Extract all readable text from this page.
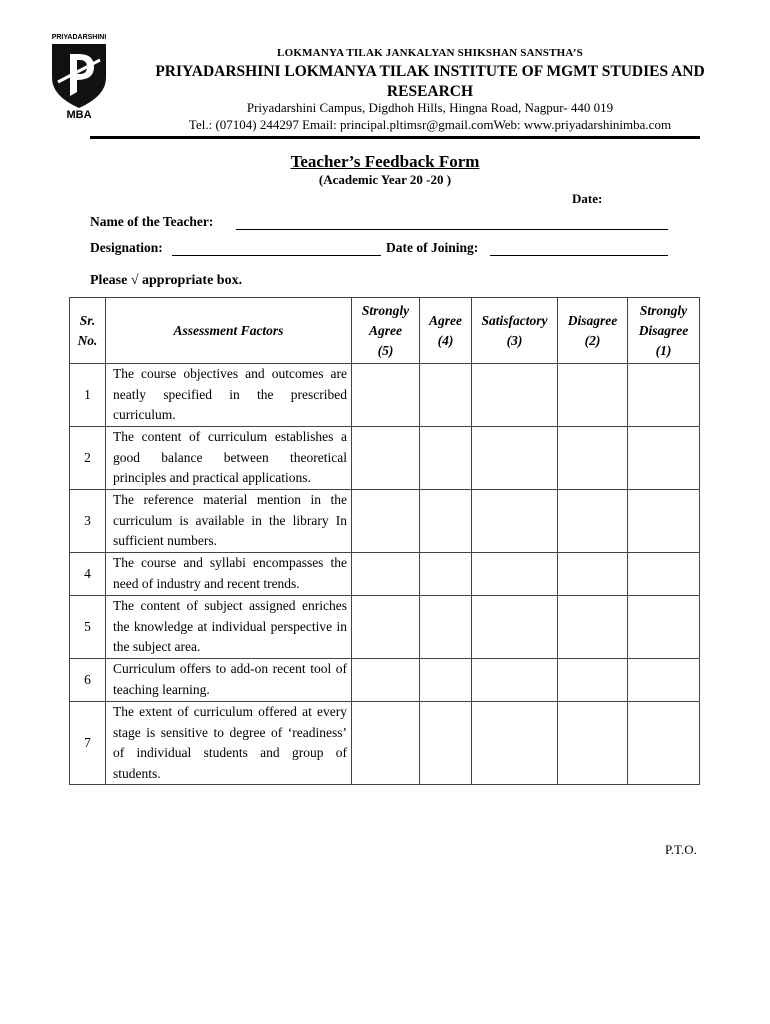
PRIYADARSHINI
MBA
LOKMANYA TILAK JANKALYAN SHIKSHAN SANSTHA’S
PRIYADARSHINI LOKMANYA TILAK INSTITUTE OF MGMT STUDIES AND RESEARCH
Priyadarshini Campus, Digdhoh Hills, Hingna Road, Nagpur- 440 019
Tel.: (07104) 244297 Email: principal.pltimsr@gmail.comWeb: www.priyadarshinimba.com
Teacher’s Feedback Form
(Academic Year 20 -20 )
Date:
Name of the Teacher:
Designation:	Date of Joining:
Please √ appropriate box.
Sr.
No.	Assessment Factors	Strongly
Agree
(5)	Agree
(4)	Satisfactory
(3)	Disagree
(2)	Strongly
Disagree
(1)
1	The course objectives and outcomes are neatly specified in the prescribed curriculum.					
2	The content of curriculum establishes a good balance between theoretical principles and practical applications.					
3	The reference material mention in the curriculum is available in the library In sufficient numbers.					
4	The course and syllabi encompasses the need of industry and recent trends.					
5	The content of subject assigned enriches the knowledge at individual perspective in the subject area.					
6	Curriculum offers to add-on recent tool of teaching learning.					
7	The extent of curriculum offered at every stage is sensitive to degree of ‘readiness’ of individual students and group of students.					
P.T.O.
